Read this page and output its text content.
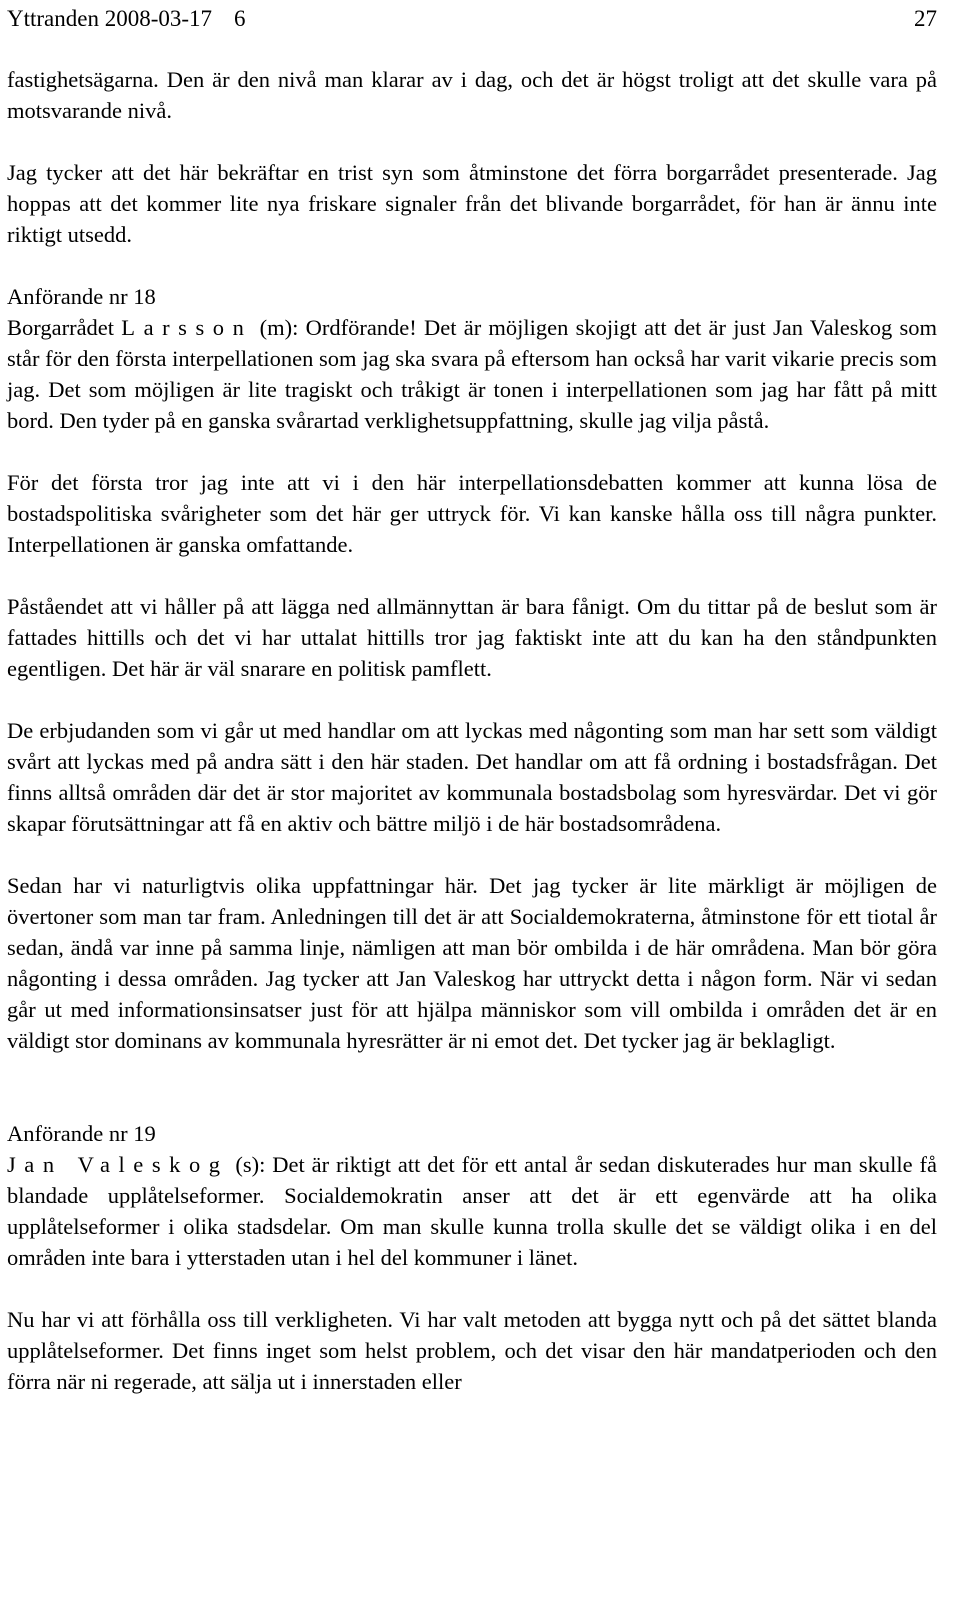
Yttranden 2008-03-17 6	27

fastighetsägarna. Den är den nivå man klarar av i dag, och det är högst troligt att det skulle vara på motsvarande nivå.

Jag tycker att det här bekräftar en trist syn som åtminstone det förra borgarrådet presenterade. Jag hoppas att det kommer lite nya friskare signaler från det blivande borgarrådet, för han är ännu inte riktigt utsedd.

Anförande nr 18

Borgarrådet Larsson (m): Ordförande! Det är möjligen skojigt att det är just Jan Valeskog som står för den första interpellationen som jag ska svara på eftersom han också har varit vikarie precis som jag. Det som möjligen är lite tragiskt och tråkigt är tonen i interpellationen som jag har fått på mitt bord. Den tyder på en ganska svårartad verklighetsuppfattning, skulle jag vilja påstå.

För det första tror jag inte att vi i den här interpellationsdebatten kommer att kunna lösa de bostadspolitiska svårigheter som det här ger uttryck för. Vi kan kanske hålla oss till några punkter. Interpellationen är ganska omfattande.

Påståendet att vi håller på att lägga ned allmännyttan är bara fånigt. Om du tittar på de beslut som är fattades hittills och det vi har uttalat hittills tror jag faktiskt inte att du kan ha den ståndpunkten egentligen. Det här är väl snarare en politisk pamflett.

De erbjudanden som vi går ut med handlar om att lyckas med någonting som man har sett som väldigt svårt att lyckas med på andra sätt i den här staden. Det handlar om att få ordning i bostadsfrågan. Det finns alltså områden där det är stor majoritet av kommunala bostadsbolag som hyresvärdar. Det vi gör skapar förutsättningar att få en aktiv och bättre miljö i de här bostadsområdena.

Sedan har vi naturligtvis olika uppfattningar här. Det jag tycker är lite märkligt är möjligen de övertoner som man tar fram. Anledningen till det är att Socialdemokraterna, åtminstone för ett tiotal år sedan, ändå var inne på samma linje, nämligen att man bör ombilda i de här områdena. Man bör göra någonting i dessa områden. Jag tycker att Jan Valeskog har uttryckt detta i någon form. När vi sedan går ut med informationsinsatser just för att hjälpa människor som vill ombilda i områden det är en väldigt stor dominans av kommunala hyresrätter är ni emot det. Det tycker jag är beklagligt.

Anförande nr 19

Jan Valeskog (s): Det är riktigt att det för ett antal år sedan diskuterades hur man skulle få blandade upplåtelseformer. Socialdemokratin anser att det är ett egenvärde att ha olika upplåtelseformer i olika stadsdelar. Om man skulle kunna trolla skulle det se väldigt olika i en del områden inte bara i ytterstaden utan i hel del kommuner i länet.

Nu har vi att förhålla oss till verkligheten. Vi har valt metoden att bygga nytt och på det sättet blanda upplåtelseformer. Det finns inget som helst problem, och det visar den här mandatperioden och den förra när ni regerade, att sälja ut i innerstaden eller
